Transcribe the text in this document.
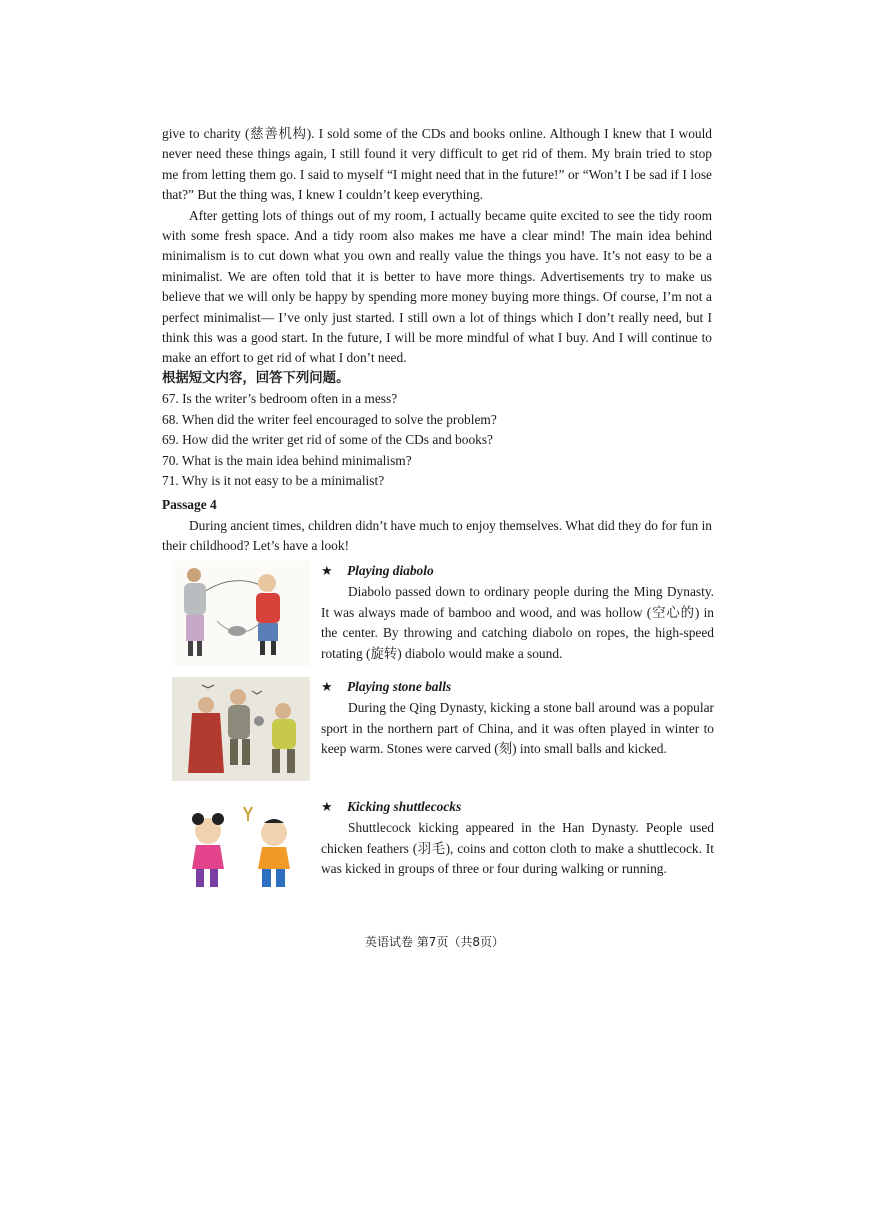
give to charity (慈善机构). I sold some of the CDs and books online. Although I knew that I would never need these things again, I still found it very difficult to get rid of them. My brain tried to stop me from letting them go. I said to myself “I might need that in the future!” or “Won’t I be sad if I lose that?” But the thing was, I knew I couldn’t keep everything.

After getting lots of things out of my room, I actually became quite excited to see the tidy room with some fresh space. And a tidy room also makes me have a clear mind! The main idea behind minimalism is to cut down what you own and really value the things you have. It’s not easy to be a minimalist. We are often told that it is better to have more things. Advertisements try to make us believe that we will only be happy by spending more money buying more things. Of course, I’m not a perfect minimalist— I’ve only just started. I still own a lot of things which I don’t really need, but I think this was a good start. In the future, I will be more mindful of what I buy. And I will continue to make an effort to get rid of what I don’t need.

根据短文内容，回答下列问题。

67. Is the writer’s bedroom often in a mess?

68. When did the writer feel encouraged to solve the problem?

69. How did the writer get rid of some of the CDs and books?

70. What is the main idea behind minimalism?

71. Why is it not easy to be a minimalist?

Passage 4

During ancient times, children didn’t have much to enjoy themselves. What did they do for fun in their childhood? Let’s have a look!

★ Playing diabolo

Diabolo passed down to ordinary people during the Ming Dynasty. It was always made of bamboo and wood, and was hollow (空心的) in the center. By throwing and catching diabolo on ropes, the high-speed rotating (旋转) diabolo would make a sound.

★ Playing stone balls

During the Qing Dynasty, kicking a stone ball around was a popular sport in the northern part of China, and it was often played in winter to keep warm. Stones were carved (刻) into small balls and kicked.

★ Kicking shuttlecocks

Shuttlecock kicking appeared in the Han Dynasty. People used chicken feathers (羽毛), coins and cotton cloth to make a shuttlecock. It was kicked in groups of three or four during walking or running.

英语试卷 第7页（共8页）
